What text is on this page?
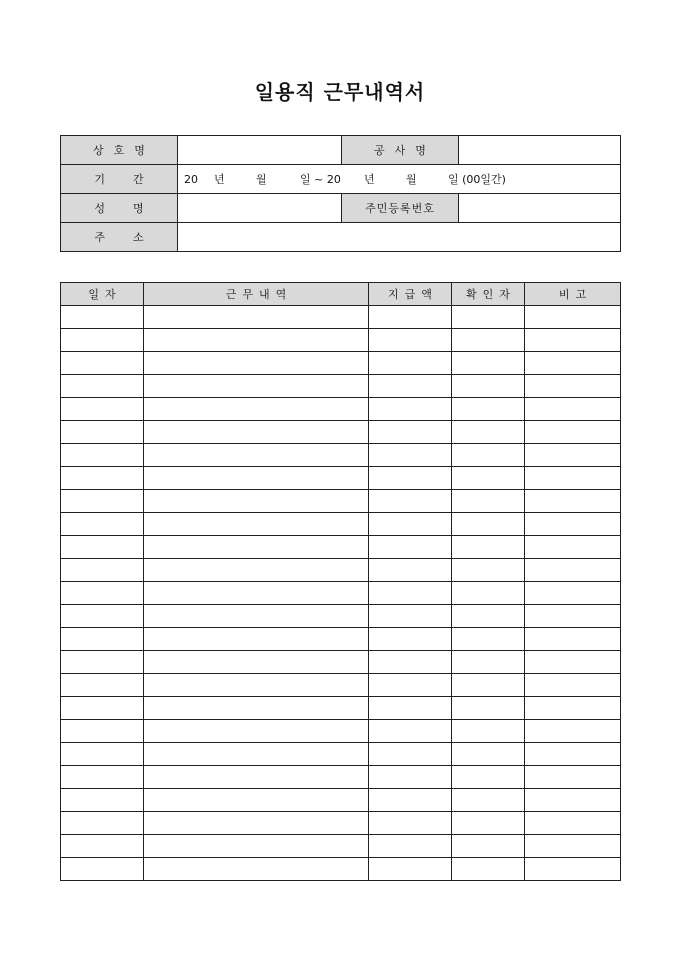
일용직 근무내역서
상호명		공사명	
기간	20 년 월 일 ~ 20 년 월 일 (00일간)		
성명		주민등록번호	
주소			
일자	근무내역	지급액	확인자	비고
